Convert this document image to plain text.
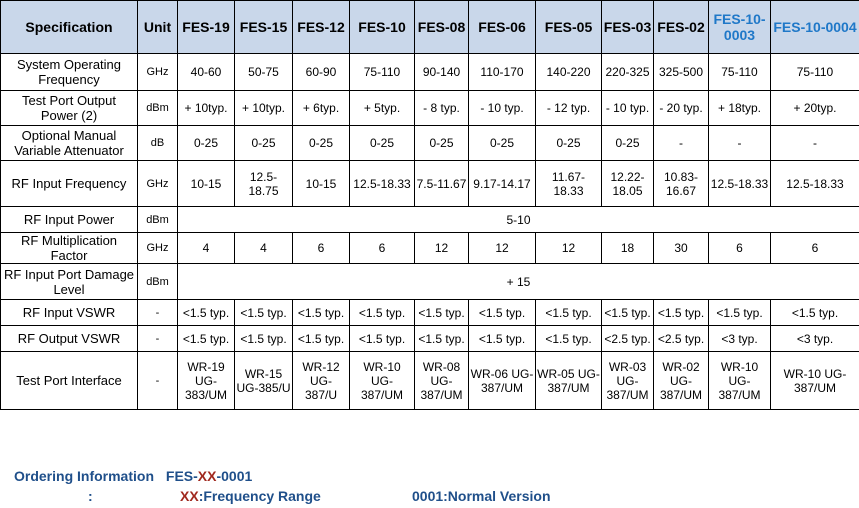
Specification	Unit	FES-19	FES-15	FES-12	FES-10	FES-08	FES-06	FES-05	FES-03	FES-02	FES-10-0003	FES-10-0004
System Operating Frequency	GHz	40-60	50-75	60-90	75-110	90-140	110-170	140-220	220-325	325-500	75-110	75-110
Test Port Output Power (2)	dBm	+ 10typ.	+ 10typ.	+ 6typ.	+ 5typ.	- 8 typ.	- 10 typ.	- 12 typ.	- 10 typ.	- 20 typ.	+ 18typ.	+ 20typ.
Optional Manual Variable Attenuator	dB	0-25	0-25	0-25	0-25	0-25	0-25	0-25	0-25	-	-	-
RF Input Frequency	GHz	10-15	12.5-18.75	10-15	12.5-18.33	7.5-11.67	9.17-14.17	11.67-18.33	12.22-18.05	10.83-16.67	12.5-18.33	12.5-18.33
RF Input Power	dBm	5-10										
RF Multiplication Factor	GHz	4	4	6	6	12	12	12	18	30	6	6
RF Input Port Damage Level	dBm	+ 15										
RF Input VSWR	-	<1.5 typ.	<1.5 typ.	<1.5 typ.	<1.5 typ.	<1.5 typ.	<1.5 typ.	<1.5 typ.	<1.5 typ.	<1.5 typ.	<1.5 typ.	<1.5 typ.
RF Output VSWR	-	<1.5 typ.	<1.5 typ.	<1.5 typ.	<1.5 typ.	<1.5 typ.	<1.5 typ.	<1.5 typ.	<2.5 typ.	<2.5 typ.	<3 typ.	<3 typ.
Test Port Interface	-	WR-19 UG-383/UM	WR-15 UG-385/U	WR-12 UG-387/U	WR-10 UG-387/UM	WR-08 UG-387/UM	WR-06 UG-387/UM	WR-05 UG-387/UM	WR-03 UG-387/UM	WR-02 UG-387/UM	WR-10 UG-387/UM	WR-10 UG-387/UM
Ordering Information FES-XX-0001
:	XX:Frequency Range	0001:Normal Version
